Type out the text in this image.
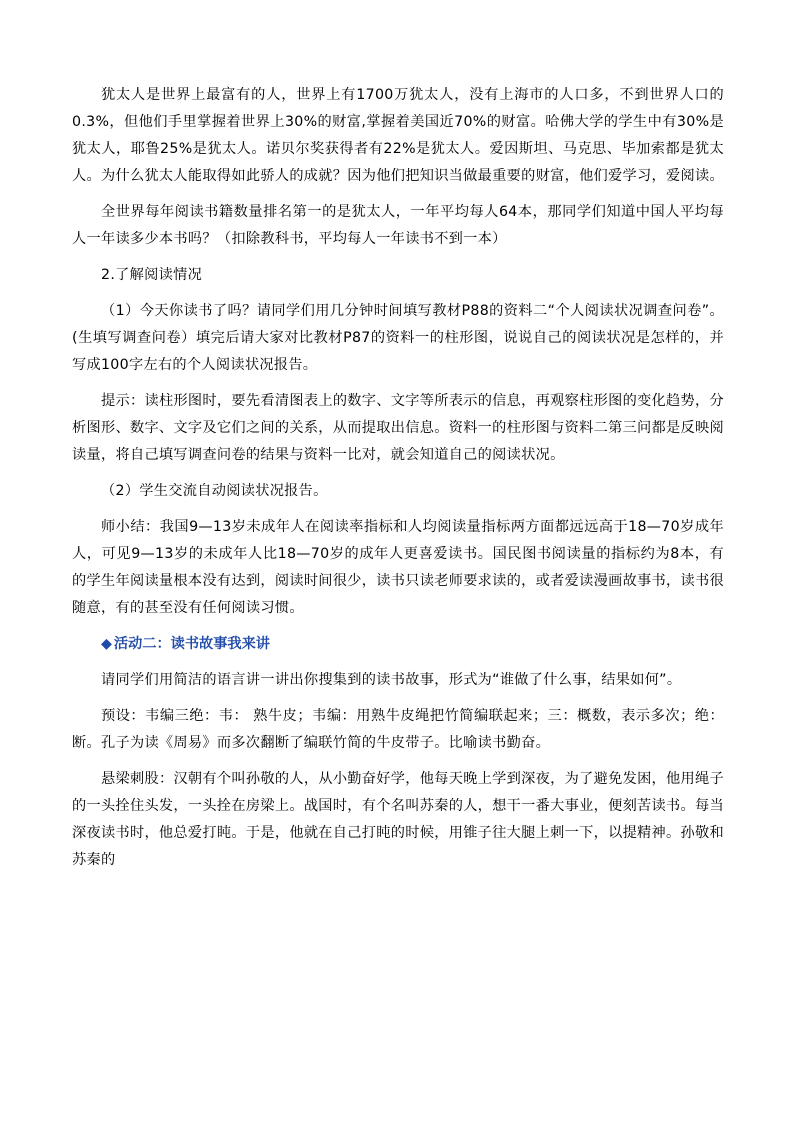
犹太人是世界上最富有的人，世界上有1700万犹太人，没有上海市的人口多，不到世界人口的0.3%，但他们手里掌握着世界上30%的财富,掌握着美国近70%的财富。哈佛大学的学生中有30%是犹太人，耶鲁25%是犹太人。诺贝尔奖获得者有22%是犹太人。爱因斯坦、马克思、毕加索都是犹太人。为什么犹太人能取得如此骄人的成就？因为他们把知识当做最重要的财富，他们爱学习，爱阅读。

全世界每年阅读书籍数量排名第一的是犹太人，一年平均每人64本，那同学们知道中国人平均每人一年读多少本书吗？（扣除教科书，平均每人一年读书不到一本）

2.了解阅读情况

（1）今天你读书了吗？请同学们用几分钟时间填写教材P88的资料二“个人阅读状况调查问卷”。(生填写调查问卷）填完后请大家对比教材P87的资料一的柱形图，说说自己的阅读状况是怎样的，并写成100字左右的个人阅读状况报告。

提示：读柱形图时，要先看清图表上的数字、文字等所表示的信息，再观察柱形图的变化趋势，分析图形、数字、文字及它们之间的关系，从而提取出信息。资料一的柱形图与资料二第三问都是反映阅读量，将自己填写调查问卷的结果与资料一比对，就会知道自己的阅读状况。

（2）学生交流自动阅读状况报告。

师小结：我国9—13岁未成年人在阅读率指标和人均阅读量指标两方面都远远高于18—70岁成年人，可见9—13岁的未成年人比18—70岁的成年人更喜爱读书。国民图书阅读量的指标约为8本，有的学生年阅读量根本没有达到，阅读时间很少，读书只读老师要求读的，或者爱读漫画故事书，读书很随意，有的甚至没有任何阅读习惯。

◆ 活动二：读书故事我来讲

请同学们用简洁的语言讲一讲出你搜集到的读书故事，形式为“谁做了什么事，结果如何”。

预设：韦编三绝：韦： 熟牛皮；韦编：用熟牛皮绳把竹简编联起来；三：概数，表示多次；绝：断。孔子为读《周易》而多次翻断了编联竹简的牛皮带子。比喻读书勤奋。

悬梁刺股：汉朝有个叫孙敬的人，从小勤奋好学，他每天晚上学到深夜，为了避免发困，他用绳子的一头拴住头发，一头拴在房梁上。战国时，有个名叫苏秦的人，想干一番大事业，便刻苦读书。每当深夜读书时，他总爱打盹。于是，他就在自己打盹的时候，用锥子往大腿上刺一下，以提精神。孙敬和苏秦的
